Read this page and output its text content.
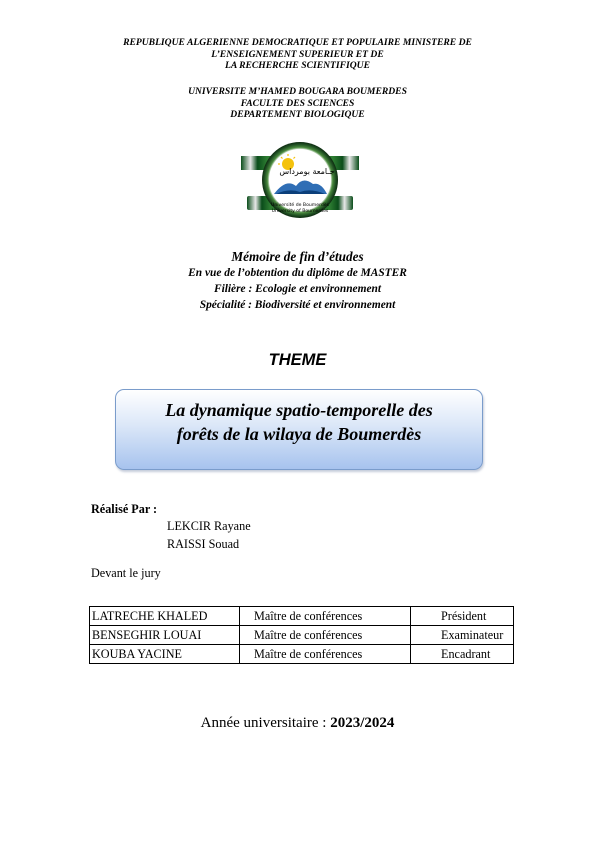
REPUBLIQUE ALGERIENNE DEMOCRATIQUE ET POPULAIRE MINISTERE DE
L’ENSEIGNEMENT SUPERIEUR ET DE
LA RECHERCHE SCIENTIFIQUE
UNIVERSITE M’HAMED BOUGARA BOUMERDES
FACULTE DES SCIENCES
DEPARTEMENT BIOLOGIQUE
جـامعة بومرداس
Université de Boumerdès
University of Boumerdes
Mémoire de fin d’études
En vue de l’obtention du diplôme de MASTER
Filière : Ecologie et environnement
Spécialité : Biodiversité et environnement
THEME
La dynamique spatio-temporelle des
forêts de la wilaya de Boumerdès
Réalisé Par :
LEKCIR Rayane
RAISSI Souad
Devant le jury
LATRECHE KHALED	Maître de conférences	Président
BENSEGHIR LOUAI	Maître de conférences	Examinateur
KOUBA YACINE	Maître de conférences	Encadrant
Année universitaire : 2023/2024
